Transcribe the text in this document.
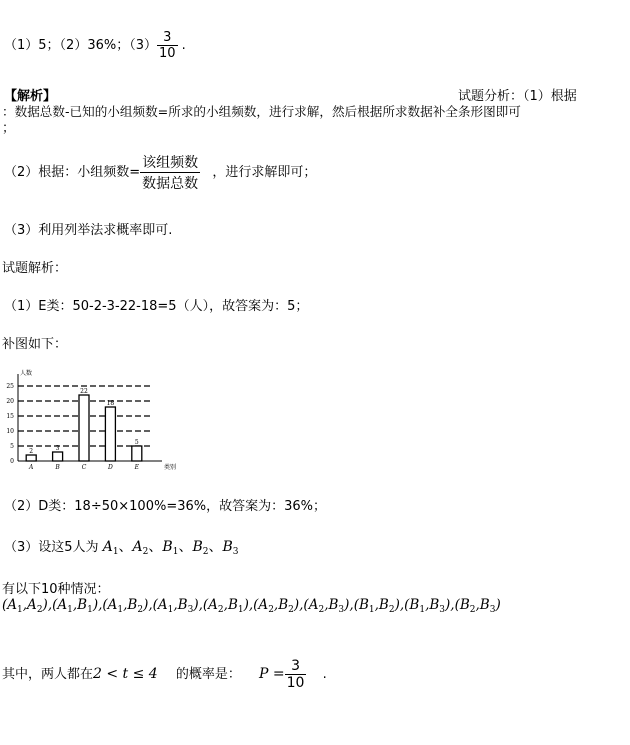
（1）5；（2）36%；$(3) \frac{3}{10}$ .
【解析】	试题分析：（1）根据
：数据总数-已知的小组频数=所求的小组频数，进行求解，然后根据所求数据补全条形图即可
；
（2）根据：小组频数= $\frac{\text{该组频数}}{\text{数据总数}}$ ，进行求解即可；
（3）利用列举法求概率即可.
试题解析：
（1）E类：50-2-3-22-18=5（人），故答案为：5；
补图如下：
人数
类别
0
5
10
15
20
25
2
A
3
B
22
C
18
D
5
E
（2）D类：18÷50×100%=36%，故答案为：36%；
（3）设这5人为 $A_1$、$A_2$、$B_1$、$B_2$、$B_3$
有以下10种情况：
$(A_1,A_2),(A_1,B_1),(A_1,B_2),(A_1,B_3),(A_2,B_1),(A_2,B_2),(A_2,B_3),(B_1,B_2),(B_1,B_3),(B_2,B_3)$
其中，两人都在2 < t ≤ 4 的概率是： $P = \frac{3}{10}$ .
